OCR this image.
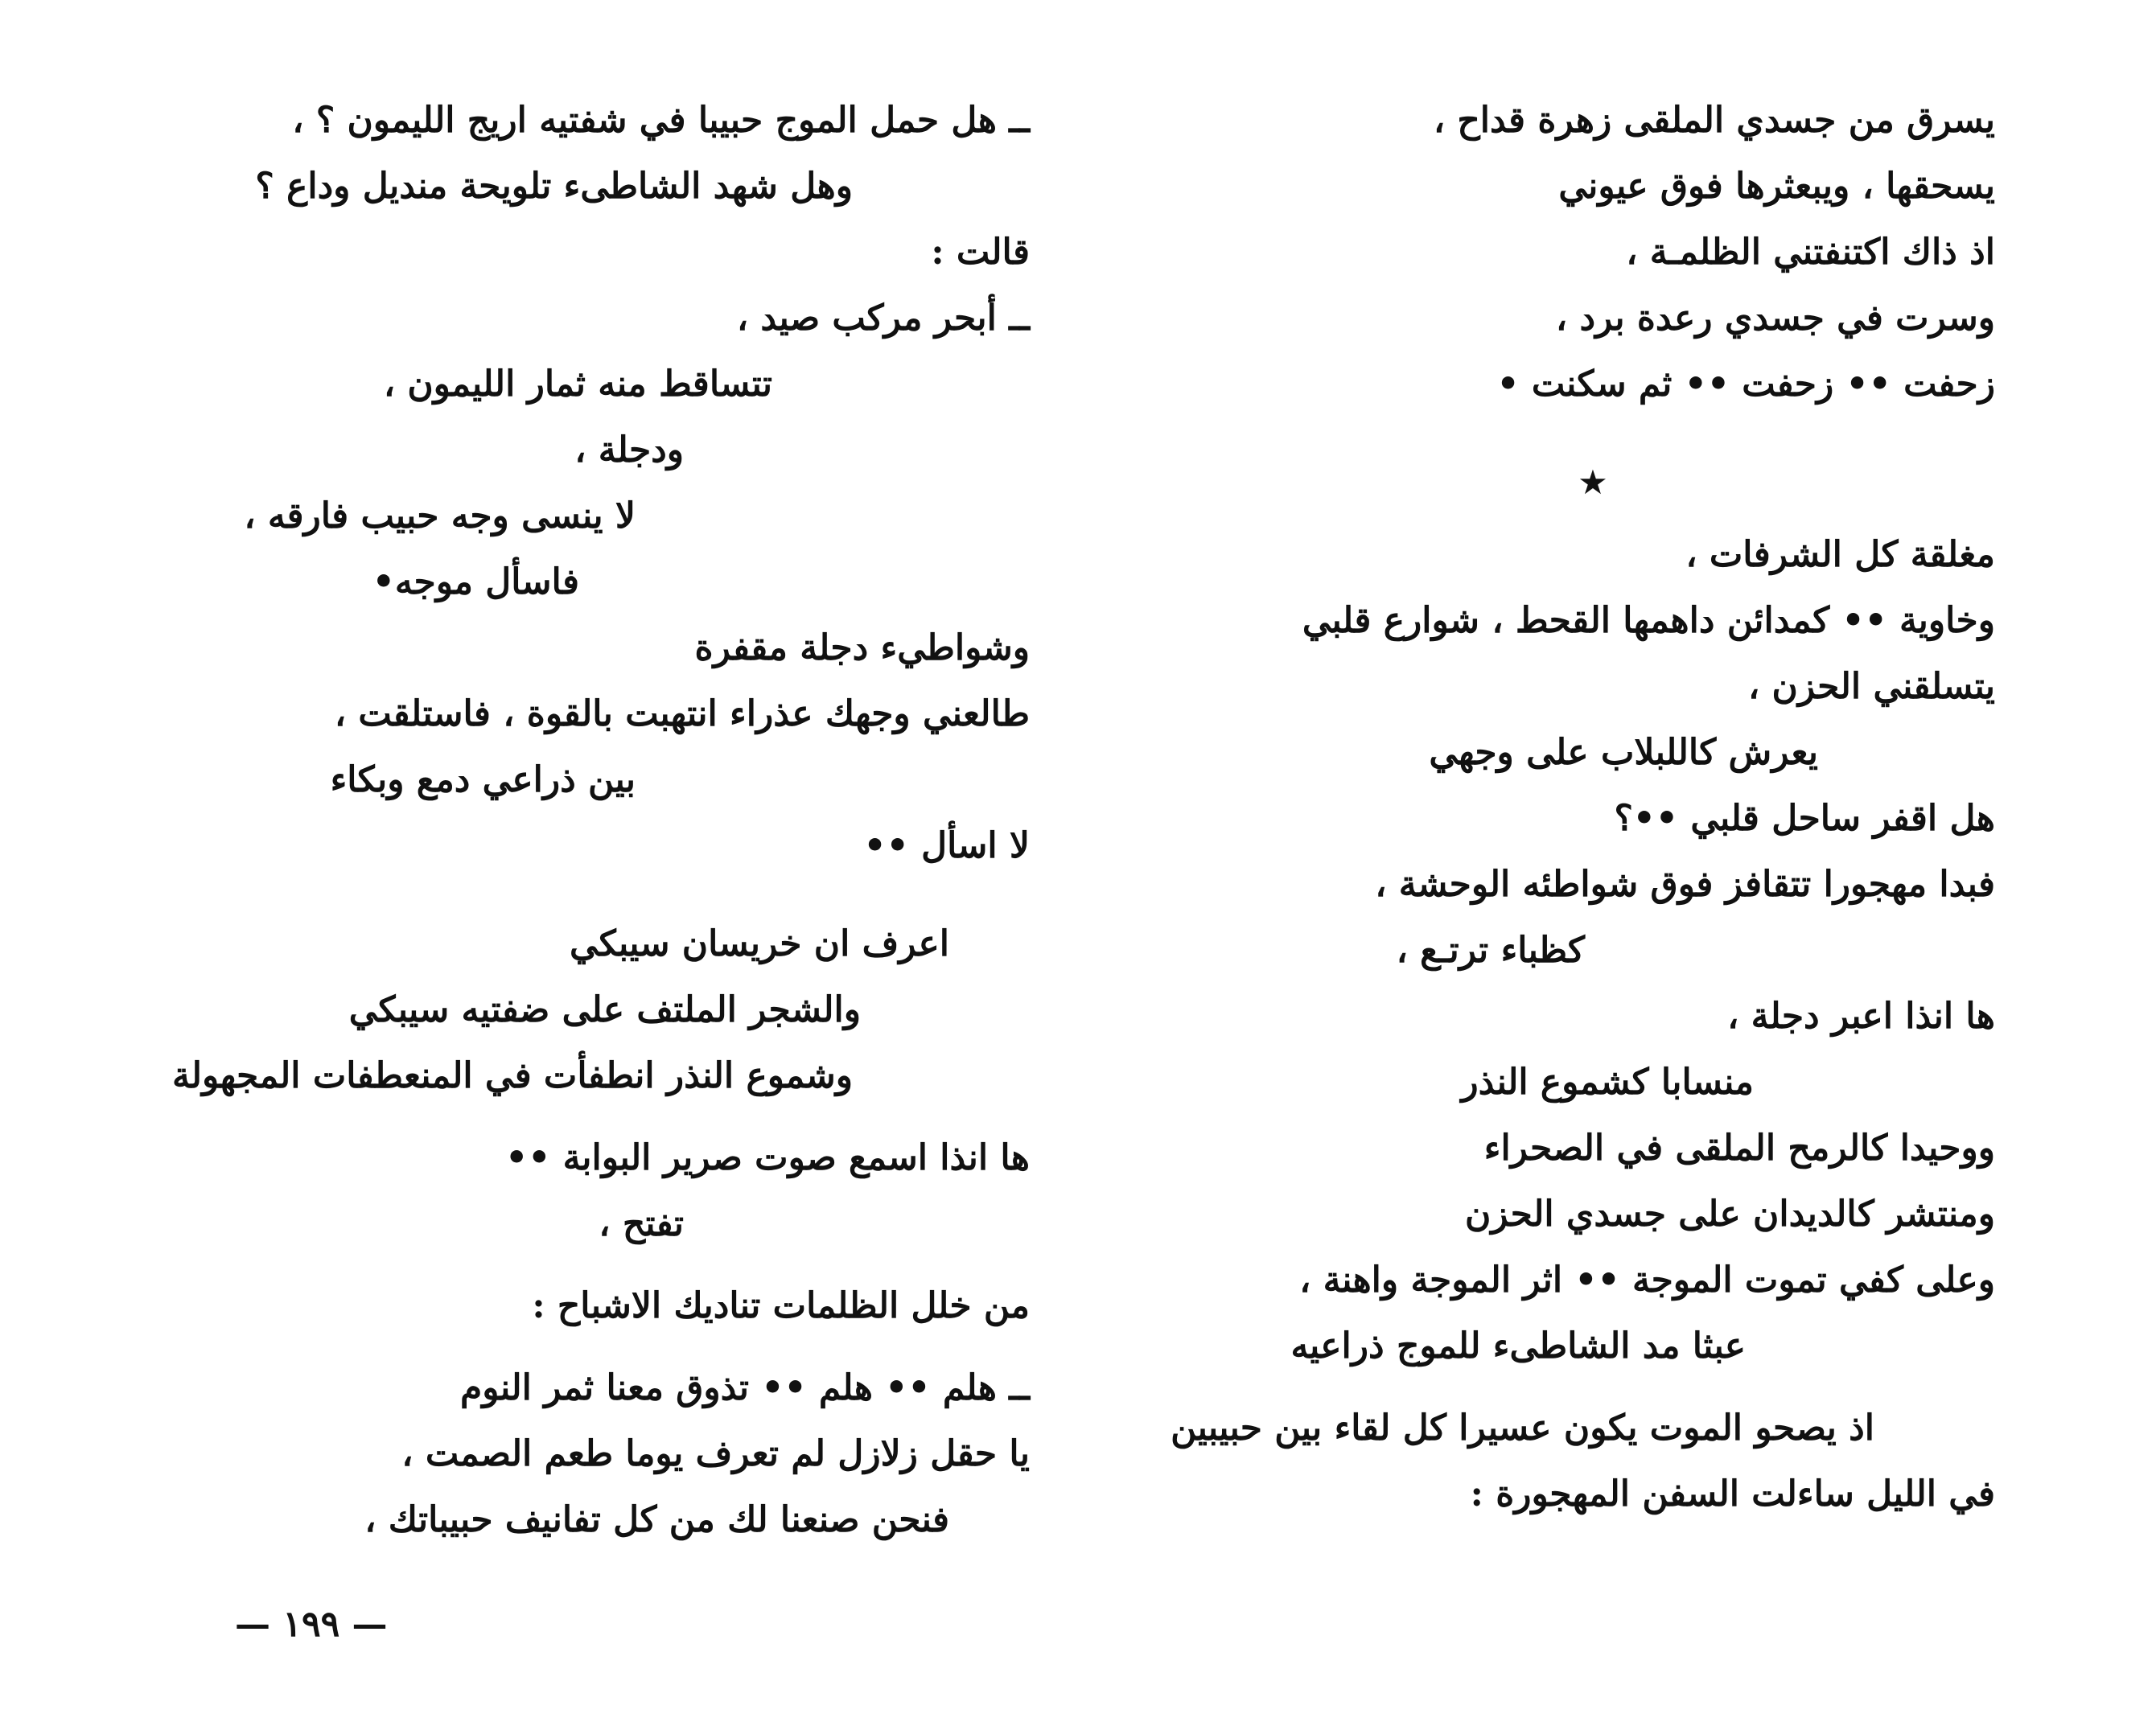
يسرق من جسدي الملقى زهرة قداح ،
يسحقها ، ويبعثرها فوق عيوني
اذ ذاك اكتنفتني الظلمـة ،
وسرت في جسدي رعدة برد ،
زحفت •• زحفت •• ثم سكنت •
★
مغلقة كل الشرفات ،
وخاوية •• كمدائن داهمها القحط ، شوارع قلبي
يتسلقني الحزن ،
يعرش كاللبلاب على وجهي
هل اقفر ساحل قلبي ••؟
فبدا مهجورا تتقافز فوق شواطئه الوحشة ،
كظباء ترتـع ،
ها انذا اعبر دجلة ،
منسابا كشموع النذر
ووحيدا كالرمح الملقى في الصحراء
ومنتشر كالديدان على جسدي الحزن
وعلى كفي تموت الموجة •• اثر الموجة واهنة ،
عبثا مد الشاطىء للموج ذراعيه
اذ يصحو الموت يكون عسيرا كل لقاء بين حبيبين
في الليل ساءلت السفن المهجورة :
ــ هل حمل الموج حبيبا في شفتيه اريج الليمون ؟ ،
وهل شهد الشاطىء تلويحة منديل وداع ؟
قالت :
ــ أبحر مركب صيد ،
تتساقط منه ثمار الليمون ،
ودجلة ،
لا ينسى وجه حبيب فارقه ،
فاسأل موجه•
وشواطيء دجلة مقفرة
طالعني وجهك عذراء انتهبت بالقوة ، فاستلقت ،
بين ذراعي دمع وبكاء
لا اسأل ••
اعرف ان خريسان سيبكي
والشجر الملتف على ضفتيه سيبكي
وشموع النذر انطفأت في المنعطفات المجهولة
ها انذا اسمع صوت صرير البوابة ••
تفتح ،
من خلل الظلمات تناديك الاشباح :
ــ هلم •• هلم •• تذوق معنا ثمر النوم
يا حقل زلازل لم تعرف يوما طعم الصمت ،
فنحن صنعنا لك من كل تفانيف حبيباتك ،
— ١٩٩ —
